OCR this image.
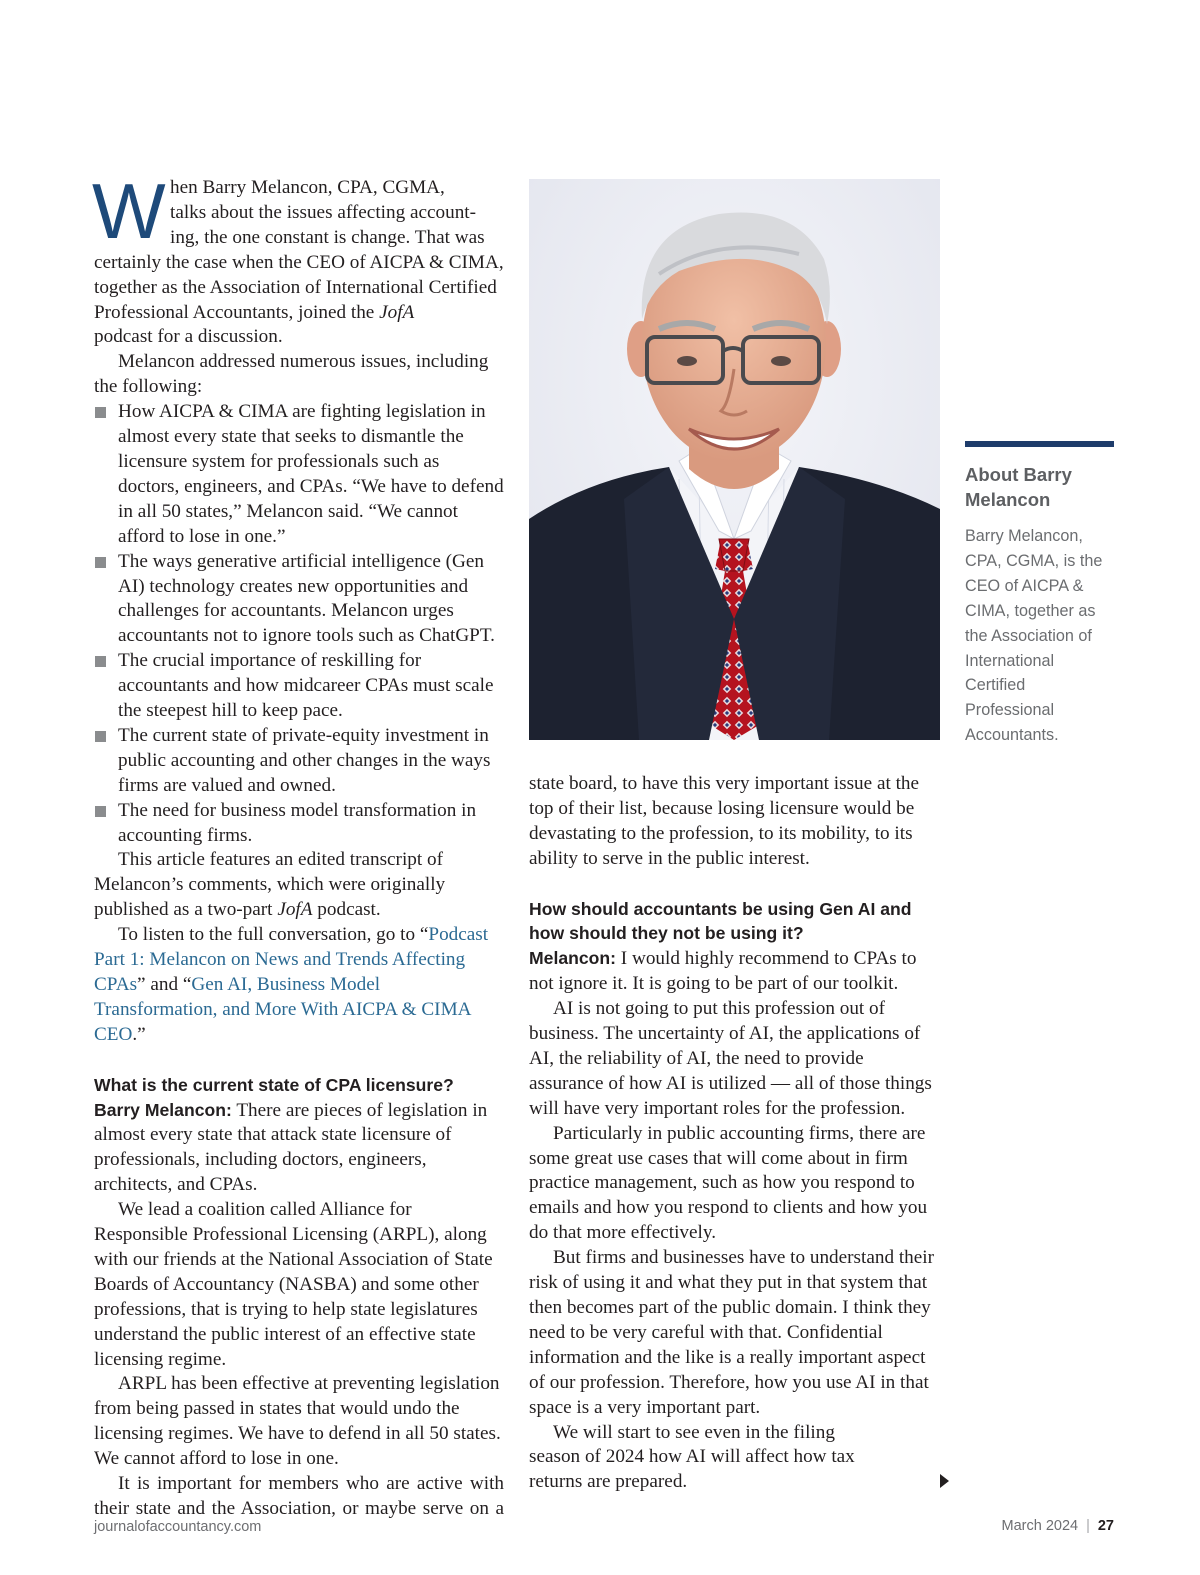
W hen Barry Melancon, CPA, CGMA,
talks about the issues affecting account-
ing, the one constant is change. That was

certainly the case when the CEO of AICPA & CIMA, together as the Association of International Certified Professional Accountants, joined the JofA
podcast for a discussion.

Melancon addressed numerous issues, including the following:

How AICPA & CIMA are fighting legislation in almost every state that seeks to dismantle the licensure system for professionals such as doctors, engineers, and CPAs. “We have to defend in all 50 states,” Melancon said. “We cannot afford to lose in one.”
The ways generative artificial intelligence (Gen AI) technology creates new opportunities and challenges for accountants. Melancon urges accountants not to ignore tools such as ChatGPT.
The crucial importance of reskilling for accountants and how midcareer CPAs must scale the steepest hill to keep pace.
The current state of private-equity investment in public accounting and other changes in the ways firms are valued and owned.
The need for business model transformation in accounting firms.

This article features an edited transcript of Melancon’s comments, which were originally published as a two-part JofA podcast.

To listen to the full conversation, go to “Podcast Part 1: Melancon on News and Trends Affecting CPAs” and “Gen AI, Business Model Transformation, and More With AICPA & CIMA CEO.”

What is the current state of CPA licensure?

Barry Melancon: There are pieces of legislation in almost every state that attack state licensure of professionals, including doctors, engineers, architects, and CPAs.

We lead a coalition called Alliance for Responsible Professional Licensing (ARPL), along with our friends at the National Association of State Boards of Accountancy (NASBA) and some other professions, that is trying to help state legislatures understand the public interest of an effective state licensing regime.

ARPL has been effective at preventing legislation from being passed in states that would undo the licensing regimes. We have to defend in all 50 states. We cannot afford to lose in one.

It is important for members who are active with their state and the Association, or maybe serve on a

state board, to have this very important issue at the top of their list, because losing licensure would be devastating to the profession, to its mobility, to its ability to serve in the public interest.

How should accountants be using Gen AI and how should they not be using it?

Melancon: I would highly recommend to CPAs to not ignore it. It is going to be part of our toolkit.

AI is not going to put this profession out of business. The uncertainty of AI, the applications of AI, the reliability of AI, the need to provide assurance of how AI is utilized — all of those things will have very important roles for the profession.

Particularly in public accounting firms, there are some great use cases that will come about in firm practice management, such as how you respond to emails and how you respond to clients and how you do that more effectively.

But firms and businesses have to understand their risk of using it and what they put in that system that then becomes part of the public domain. I think they need to be very careful with that. Confidential information and the like is a really important aspect of our profession. Therefore, how you use AI in that space is a very important part.

We will start to see even in the filing season of 2024 how AI will affect how tax returns are prepared.

About Barry Melancon
Barry Melancon, CPA, CGMA, is the CEO of AICPA & CIMA, together as the Association of International Certified Professional Accountants.
journalofaccountancy.com	March 2024 | 27
